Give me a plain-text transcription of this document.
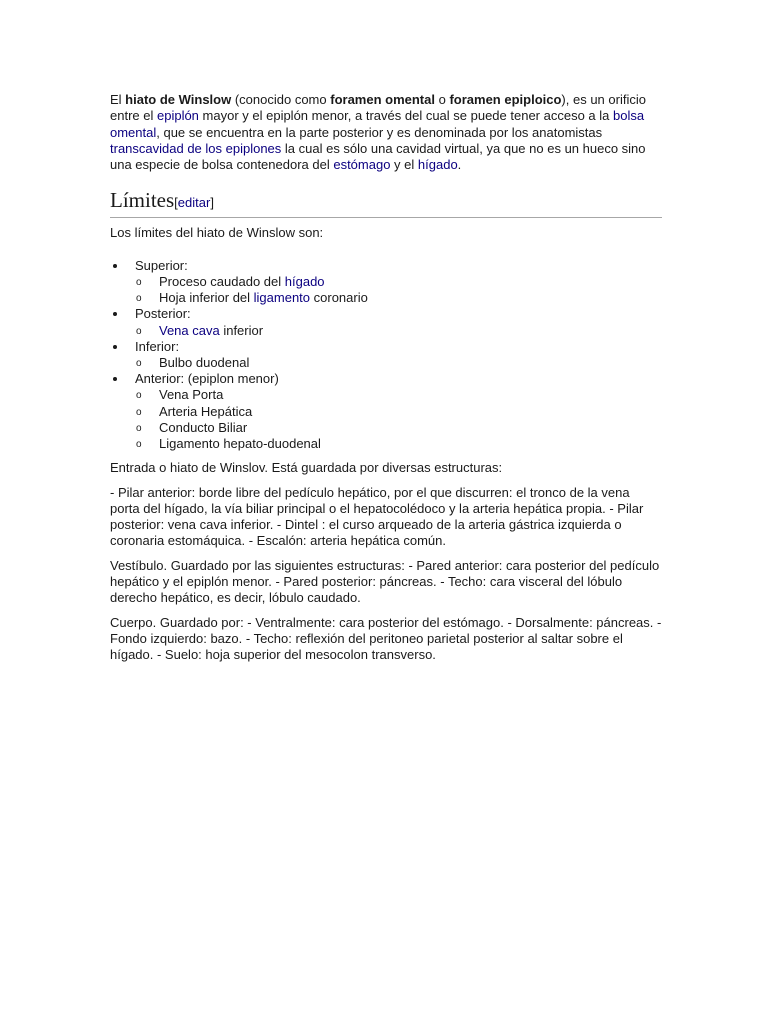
El hiato de Winslow (conocido como foramen omental o foramen epiploico), es un orificio entre el epiplón mayor y el epiplón menor, a través del cual se puede tener acceso a la bolsa omental, que se encuentra en la parte posterior y es denominada por los anatomistas transcavidad de los epiplones la cual es sólo una cavidad virtual, ya que no es un hueco sino una especie de bolsa contenedora del estómago y el hígado.

Límites[editar]

Los límites del hiato de Winslow son:

Superior:
o Proceso caudado del hígado
o Hoja inferior del ligamento coronario
Posterior:
o Vena cava inferior
Inferior:
o Bulbo duodenal
Anterior: (epiplon menor)
o Vena Porta
o Arteria Hepática
o Conducto Biliar
o Ligamento hepato-duodenal

Entrada o hiato de Winslov. Está guardada por diversas estructuras:

- Pilar anterior: borde libre del pedículo hepático, por el que discurren: el tronco de la vena porta del hígado, la vía biliar principal o el hepatocolédoco y la arteria hepática propia. - Pilar posterior: vena cava inferior. - Dintel : el curso arqueado de la arteria gástrica izquierda o coronaria estomáquica. - Escalón: arteria hepática común.

Vestíbulo. Guardado por las siguientes estructuras: - Pared anterior: cara posterior del pedículo hepático y el epiplón menor. - Pared posterior: páncreas. - Techo: cara visceral del lóbulo derecho hepático, es decir, lóbulo caudado.

Cuerpo. Guardado por: - Ventralmente: cara posterior del estómago. - Dorsalmente: páncreas. - Fondo izquierdo: bazo. - Techo: reflexión del peritoneo parietal posterior al saltar sobre el hígado. - Suelo: hoja superior del mesocolon transverso.
